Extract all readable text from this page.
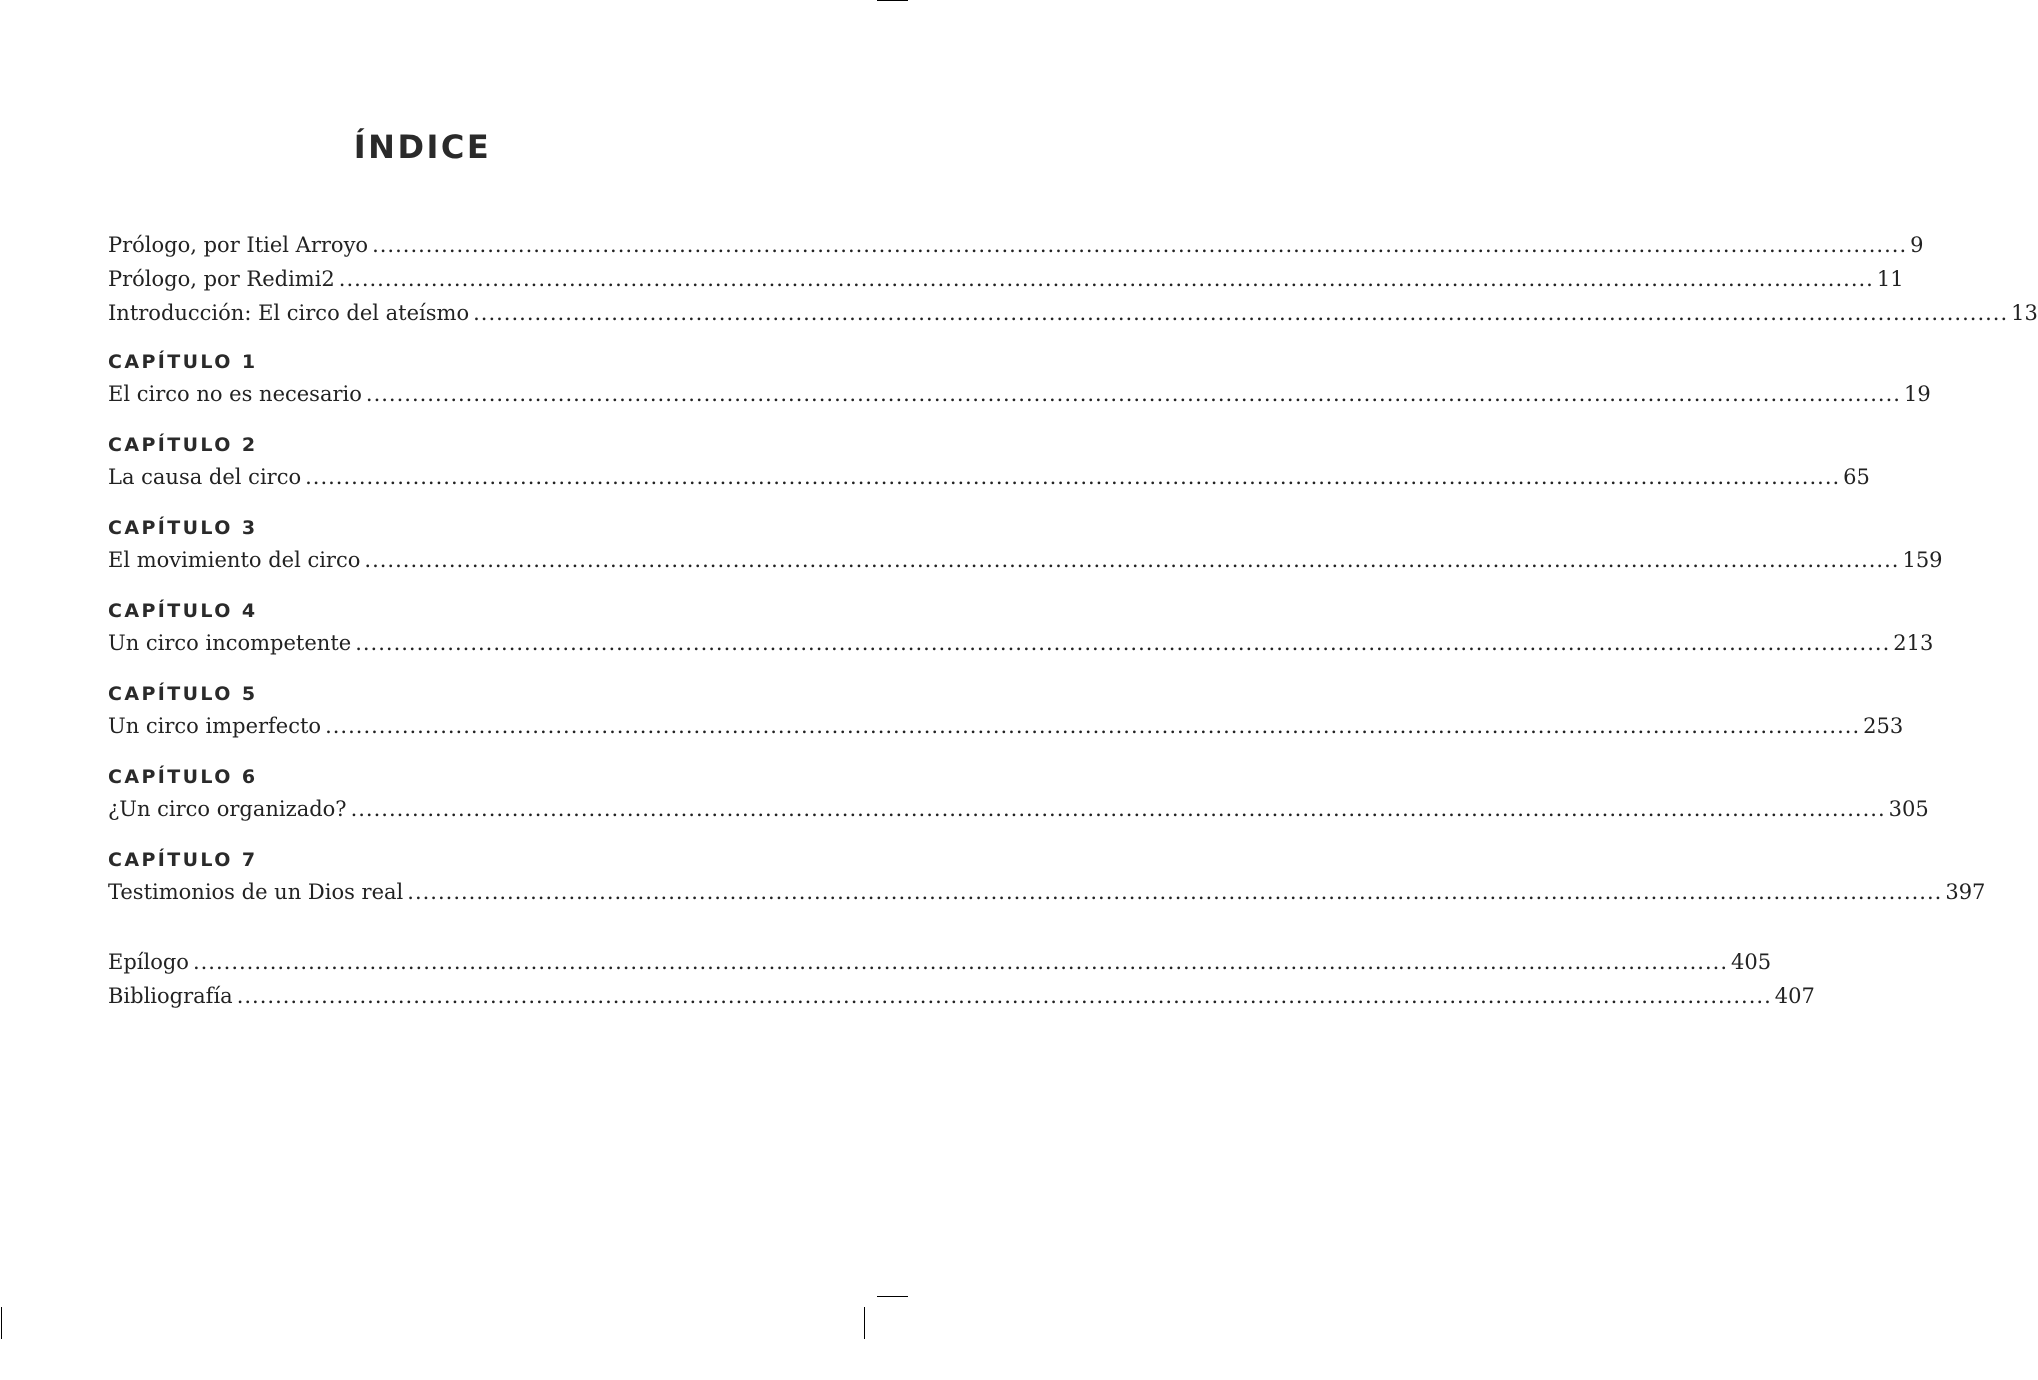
ÍNDICE
Prólogo, por Itiel Arroyo ........................................................................................................................................................................................................ 9
Prólogo, por Redimi2 ........................................................................................................................................................................................................ 11
Introducción: El circo del ateísmo ........................................................................................................................................................................................................ 13
CAPÍTULO 1
El circo no es necesario ........................................................................................................................................................................................................ 19
CAPÍTULO 2
La causa del circo ........................................................................................................................................................................................................ 65
CAPÍTULO 3
El movimiento del circo ........................................................................................................................................................................................................ 159
CAPÍTULO 4
Un circo incompetente ........................................................................................................................................................................................................ 213
CAPÍTULO 5
Un circo imperfecto ........................................................................................................................................................................................................ 253
CAPÍTULO 6
¿Un circo organizado? ........................................................................................................................................................................................................ 305
CAPÍTULO 7
Testimonios de un Dios real ........................................................................................................................................................................................................ 397
Epílogo ........................................................................................................................................................................................................ 405
Bibliografía ........................................................................................................................................................................................................ 407
